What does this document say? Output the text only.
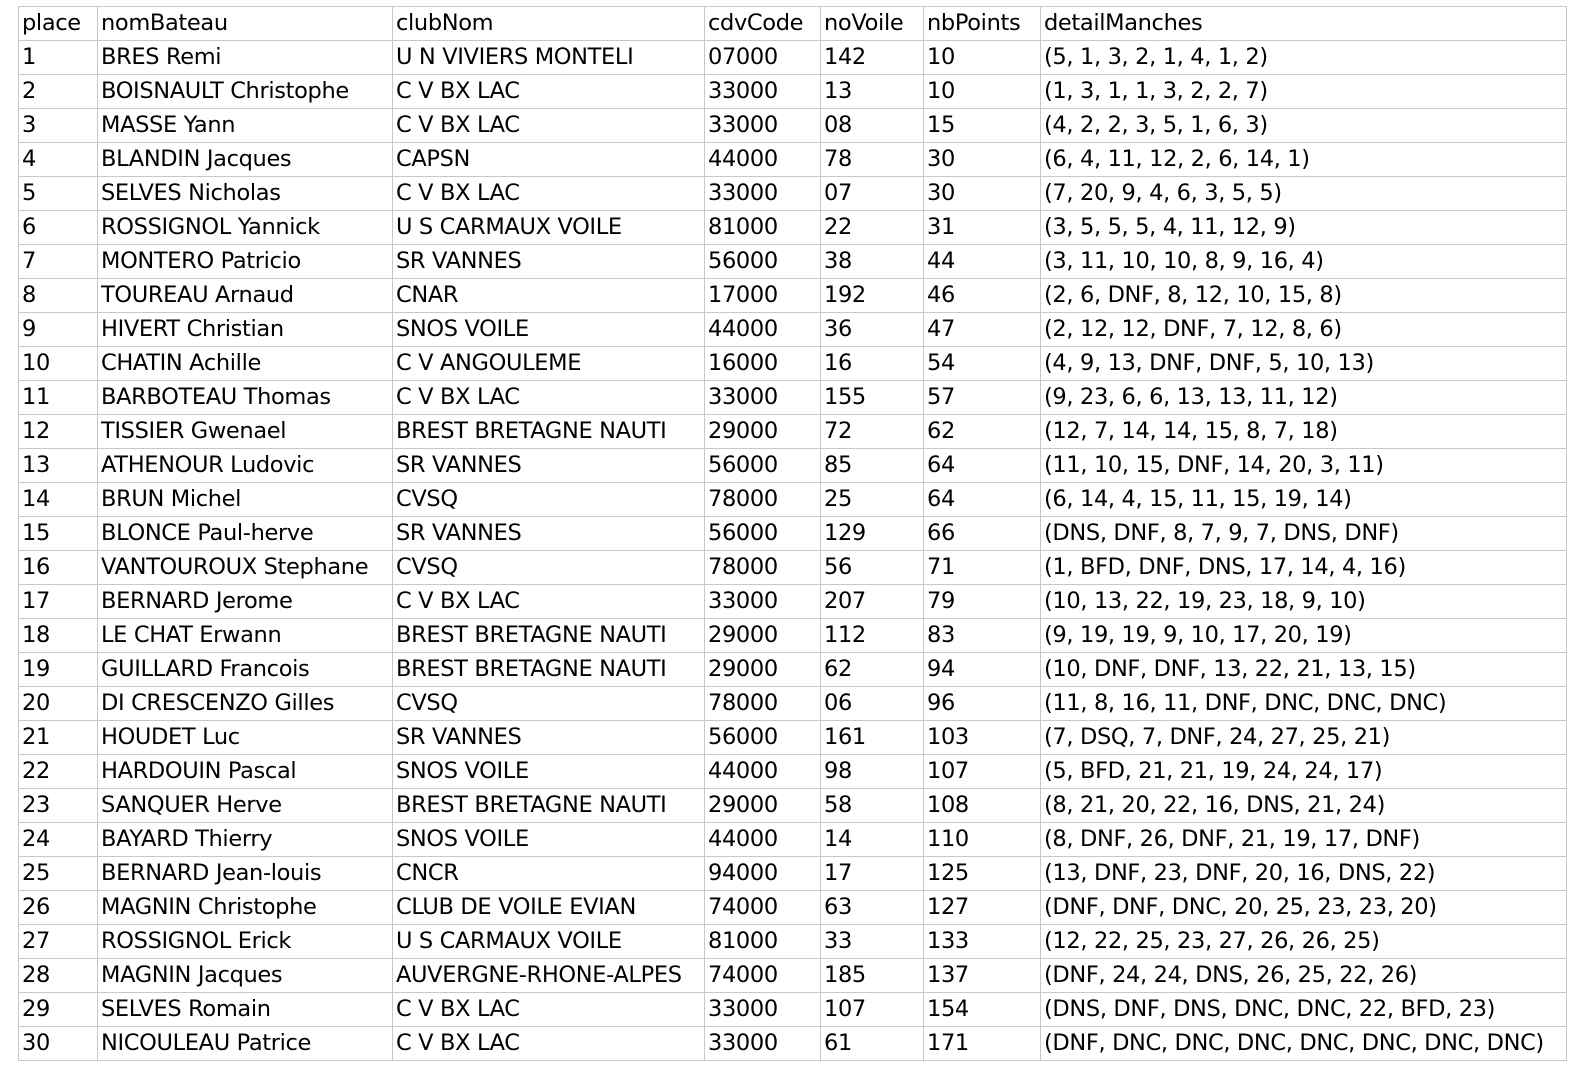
place	nomBateau	clubNom	cdvCode	noVoile	nbPoints	detailManches
1	BRES Remi	U N VIVIERS MONTELI	07000	142	10	(5, 1, 3, 2, 1, 4, 1, 2)
2	BOISNAULT Christophe	C V BX LAC	33000	13	10	(1, 3, 1, 1, 3, 2, 2, 7)
3	MASSE Yann	C V BX LAC	33000	08	15	(4, 2, 2, 3, 5, 1, 6, 3)
4	BLANDIN Jacques	CAPSN	44000	78	30	(6, 4, 11, 12, 2, 6, 14, 1)
5	SELVES Nicholas	C V BX LAC	33000	07	30	(7, 20, 9, 4, 6, 3, 5, 5)
6	ROSSIGNOL Yannick	U S CARMAUX VOILE	81000	22	31	(3, 5, 5, 5, 4, 11, 12, 9)
7	MONTERO Patricio	SR VANNES	56000	38	44	(3, 11, 10, 10, 8, 9, 16, 4)
8	TOUREAU Arnaud	CNAR	17000	192	46	(2, 6, DNF, 8, 12, 10, 15, 8)
9	HIVERT Christian	SNOS VOILE	44000	36	47	(2, 12, 12, DNF, 7, 12, 8, 6)
10	CHATIN Achille	C V ANGOULEME	16000	16	54	(4, 9, 13, DNF, DNF, 5, 10, 13)
11	BARBOTEAU Thomas	C V BX LAC	33000	155	57	(9, 23, 6, 6, 13, 13, 11, 12)
12	TISSIER Gwenael	BREST BRETAGNE NAUTI	29000	72	62	(12, 7, 14, 14, 15, 8, 7, 18)
13	ATHENOUR Ludovic	SR VANNES	56000	85	64	(11, 10, 15, DNF, 14, 20, 3, 11)
14	BRUN Michel	CVSQ	78000	25	64	(6, 14, 4, 15, 11, 15, 19, 14)
15	BLONCE Paul-herve	SR VANNES	56000	129	66	(DNS, DNF, 8, 7, 9, 7, DNS, DNF)
16	VANTOUROUX Stephane	CVSQ	78000	56	71	(1, BFD, DNF, DNS, 17, 14, 4, 16)
17	BERNARD Jerome	C V BX LAC	33000	207	79	(10, 13, 22, 19, 23, 18, 9, 10)
18	LE CHAT Erwann	BREST BRETAGNE NAUTI	29000	112	83	(9, 19, 19, 9, 10, 17, 20, 19)
19	GUILLARD Francois	BREST BRETAGNE NAUTI	29000	62	94	(10, DNF, DNF, 13, 22, 21, 13, 15)
20	DI CRESCENZO Gilles	CVSQ	78000	06	96	(11, 8, 16, 11, DNF, DNC, DNC, DNC)
21	HOUDET Luc	SR VANNES	56000	161	103	(7, DSQ, 7, DNF, 24, 27, 25, 21)
22	HARDOUIN Pascal	SNOS VOILE	44000	98	107	(5, BFD, 21, 21, 19, 24, 24, 17)
23	SANQUER Herve	BREST BRETAGNE NAUTI	29000	58	108	(8, 21, 20, 22, 16, DNS, 21, 24)
24	BAYARD Thierry	SNOS VOILE	44000	14	110	(8, DNF, 26, DNF, 21, 19, 17, DNF)
25	BERNARD Jean-louis	CNCR	94000	17	125	(13, DNF, 23, DNF, 20, 16, DNS, 22)
26	MAGNIN Christophe	CLUB DE VOILE EVIAN	74000	63	127	(DNF, DNF, DNC, 20, 25, 23, 23, 20)
27	ROSSIGNOL Erick	U S CARMAUX VOILE	81000	33	133	(12, 22, 25, 23, 27, 26, 26, 25)
28	MAGNIN Jacques	AUVERGNE-RHONE-ALPES	74000	185	137	(DNF, 24, 24, DNS, 26, 25, 22, 26)
29	SELVES Romain	C V BX LAC	33000	107	154	(DNS, DNF, DNS, DNC, DNC, 22, BFD, 23)
30	NICOULEAU Patrice	C V BX LAC	33000	61	171	(DNF, DNC, DNC, DNC, DNC, DNC, DNC, DNC)
